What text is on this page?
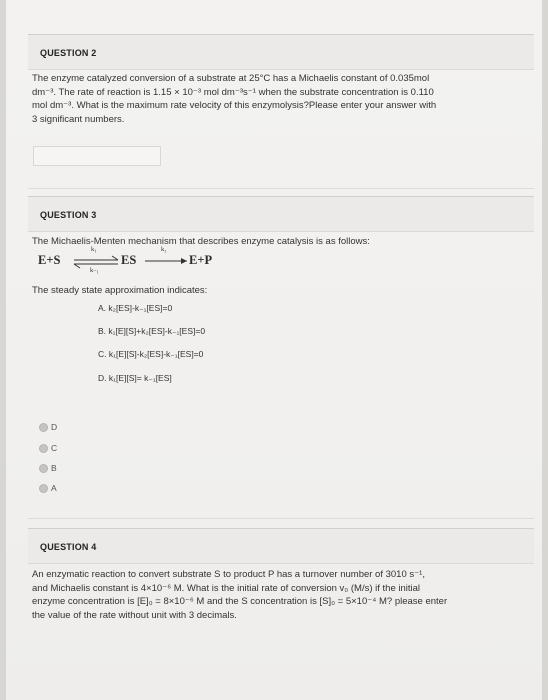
QUESTION 2
The enzyme catalyzed conversion of a substrate at 25°C has a Michaelis constant of 0.035mol
dm⁻³. The rate of reaction is 1.15 × 10⁻³ mol dm⁻³s⁻¹ when the substrate concentration is 0.110
mol dm⁻³. What is the maximum rate velocity of this enzymolysis?Please enter your answer with
3 significant numbers.
QUESTION 3
The Michaelis-Menten mechanism that describes enzyme catalysis is as follows:
E+S ⇌
k₁
k₋₁
ES
k₂
E+P
The steady state approximation indicates:
A. k₂[ES]-k₋₁[ES]=0
B. k₁[E][S]+k₂[ES]-k₋₁[ES]=0
C. k₁[E][S]-k₂[ES]-k₋₁[ES]=0
D. k₁[E][S]= k₋₁[ES]
D
C
B
A
QUESTION 4
An enzymatic reaction to convert substrate S to product P has a turnover number of 3010 s⁻¹,
and Michaelis constant is 4×10⁻⁶ M. What is the initial rate of conversion v₀ (M/s) if the initial
enzyme concentration is [E]₀ = 8×10⁻⁶ M and the S concentration is [S]₀ = 5×10⁻⁴ M? please enter
the value of the rate without unit with 3 decimals.
